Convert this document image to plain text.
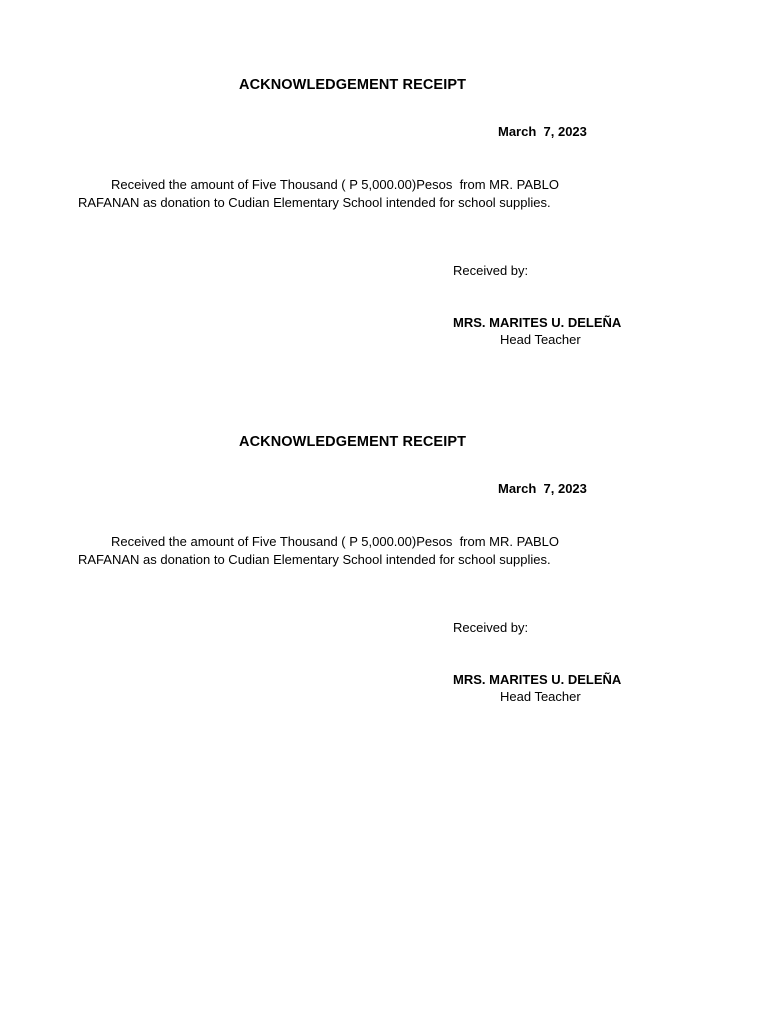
ACKNOWLEDGEMENT RECEIPT
March  7, 2023
Received the amount of Five Thousand ( P 5,000.00)Pesos  from MR. PABLO
RAFANAN as donation to Cudian Elementary School intended for school supplies.
Received by:
MRS. MARITES U. DELEÑA
Head Teacher
ACKNOWLEDGEMENT RECEIPT
March  7, 2023
Received the amount of Five Thousand ( P 5,000.00)Pesos  from MR. PABLO
RAFANAN as donation to Cudian Elementary School intended for school supplies.
Received by:
MRS. MARITES U. DELEÑA
Head Teacher
